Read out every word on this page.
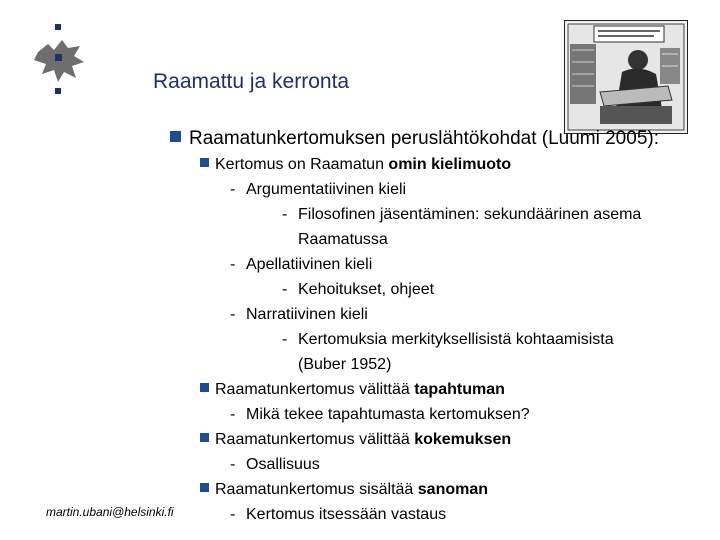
Raamattu ja kerronta
Raamatunkertomuksen peruslähtökohdat (Luumi 2005):
Kertomus on Raamatun omin kielimuoto
- Argumentatiivinen kieli
- Filosofinen jäsentäminen: sekundäärinen asema
Raamatussa
- Apellatiivinen kieli
- Kehoitukset, ohjeet
- Narratiivinen kieli
- Kertomuksia merkityksellisistä kohtaamisista
(Buber 1952)
Raamatunkertomus välittää tapahtuman
- Mikä tekee tapahtumasta kertomuksen?
Raamatunkertomus välittää kokemuksen
- Osallisuus
Raamatunkertomus sisältää sanoman
- Kertomus itsessään vastaus
martin.ubani@helsinki.fi
